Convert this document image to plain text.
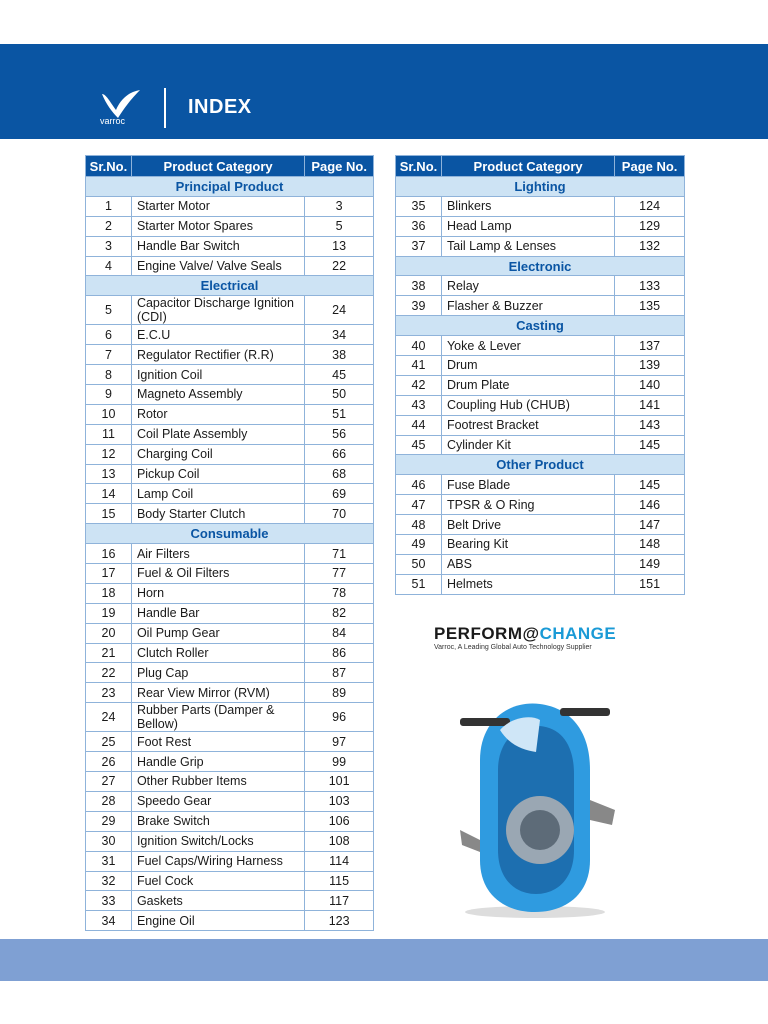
varroc
INDEX
Sr.No.	Product Category	Page No.
Principal Product		
1	Starter Motor	3
2	Starter Motor Spares	5
3	Handle Bar Switch	13
4	Engine Valve/ Valve Seals	22
Electrical		
5	Capacitor Discharge Ignition (CDI)	24
6	E.C.U	34
7	Regulator Rectifier (R.R)	38
8	Ignition Coil	45
9	Magneto Assembly	50
10	Rotor	51
11	Coil Plate Assembly	56
12	Charging Coil	66
13	Pickup Coil	68
14	Lamp Coil	69
15	Body Starter Clutch	70
Consumable		
16	Air Filters	71
17	Fuel & Oil Filters	77
18	Horn	78
19	Handle Bar	82
20	Oil Pump Gear	84
21	Clutch Roller	86
22	Plug Cap	87
23	Rear View Mirror (RVM)	89
24	Rubber Parts (Damper & Bellow)	96
25	Foot Rest	97
26	Handle Grip	99
27	Other Rubber Items	101
28	Speedo Gear	103
29	Brake Switch	106
30	Ignition Switch/Locks	108
31	Fuel Caps/Wiring Harness	114
32	Fuel Cock	115
33	Gaskets	117
34	Engine Oil	123
Sr.No.	Product Category	Page No.
Lighting		
35	Blinkers	124
36	Head Lamp	129
37	Tail Lamp & Lenses	132
Electronic		
38	Relay	133
39	Flasher & Buzzer	135
Casting		
40	Yoke & Lever	137
41	Drum	139
42	Drum Plate	140
43	Coupling Hub (CHUB)	141
44	Footrest Bracket	143
45	Cylinder Kit	145
Other Product		
46	Fuse Blade	145
47	TPSR & O Ring	146
48	Belt Drive	147
49	Bearing Kit	148
50	ABS	149
51	Helmets	151
PERFORM@CHANGE
Varroc, A Leading Global Auto Technology Supplier
